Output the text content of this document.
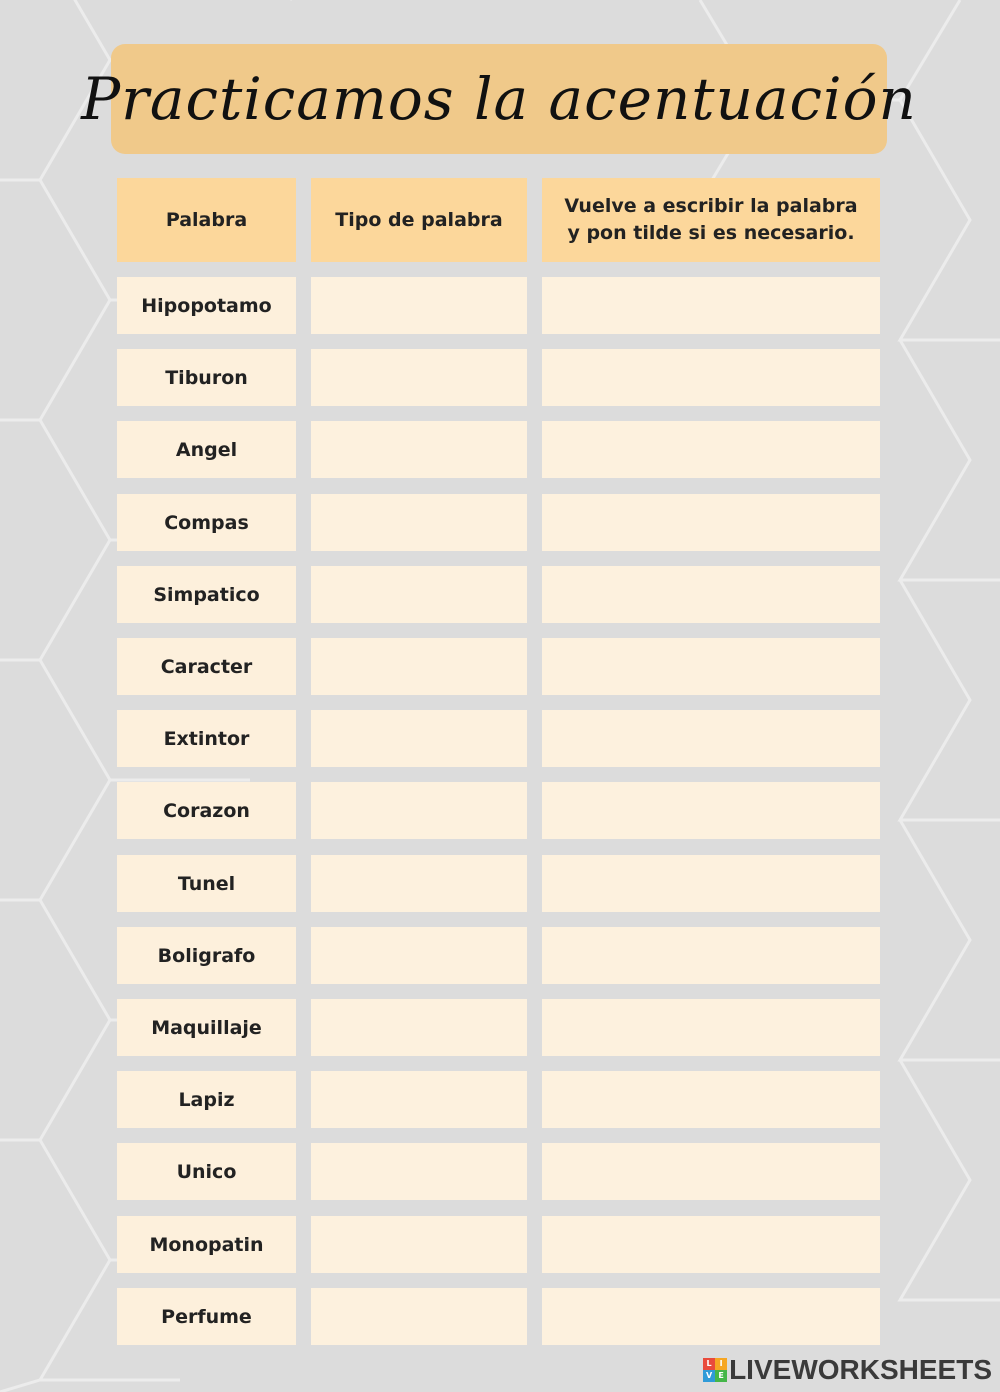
Practicamos la acentuación
Palabra	Tipo de palabra
Vuelve a escribir la palabra y pon tilde si es necesario.
Hipopotamo
Tiburon
Angel
Compas
Simpatico
Caracter
Extintor
Corazon
Tunel
Boligrafo
Maquillaje
Lapiz
Unico
Monopatin
Perfume
L I
V E LIVEWORKSHEETS
